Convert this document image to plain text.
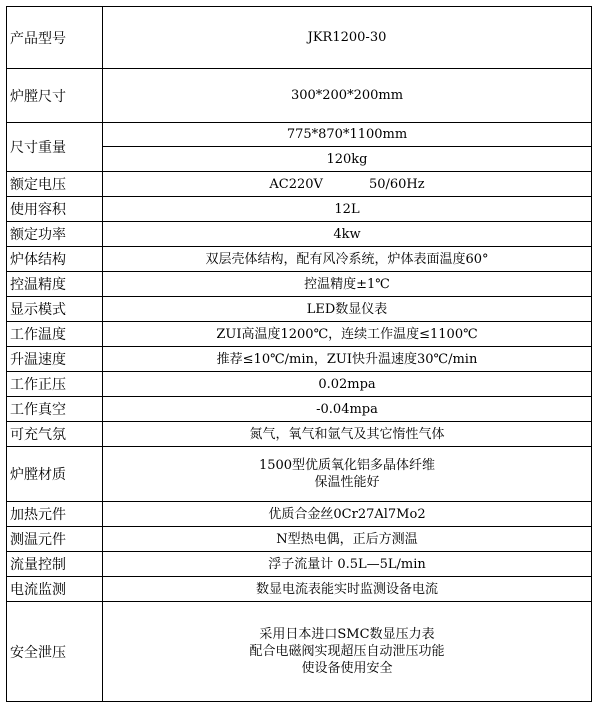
产品型号	JKR1200-30

炉膛尺寸	300*200*200mm

尺寸重量	775*870*1100mm

	120kg

额定电压	AC220V 50/60Hz
使用容积	12L

额定功率	4kw

炉体结构	双层壳体结构，配有风冷系统，炉体表面温度60°

控温精度	控温精度±1℃

显示模式	LED数显仪表

工作温度	ZUI高温度1200℃，连续工作温度≤1100℃

升温速度	推荐≤10℃/min，ZUI快升温速度30℃/min

工作正压	0.02mpa

工作真空	-0.04mpa

可充气氛	氮气，氧气和氩气及其它惰性气体

炉膛材质	1500型优质氧化铝多晶体纤维
保温性能好

加热元件	优质合金丝0Cr27Al7Mo2

测温元件	N型热电偶，正后方测温

流量控制	浮子流量计 0.5L—5L/min

电流监测	数显电流表能实时监测设备电流

安全泄压	采用日本进口SMC数显压力表
配合电磁阀实现超压自动泄压功能
使设备使用安全
